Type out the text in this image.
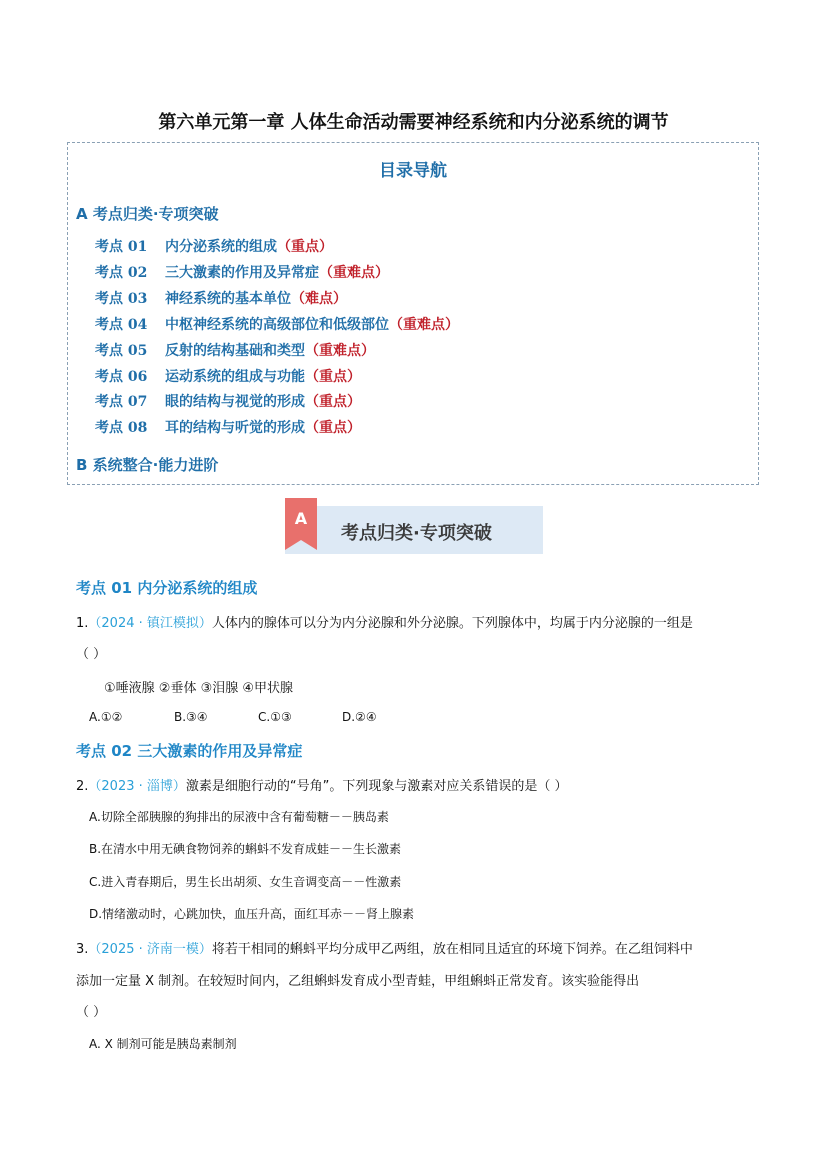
第六单元第一章 人体生命活动需要神经系统和内分泌系统的调节
目录导航
A 考点归类·专项突破
考点 01 内分泌系统的组成（重点）
考点 02 三大激素的作用及异常症（重难点）
考点 03 神经系统的基本单位（难点）
考点 04 中枢神经系统的高级部位和低级部位（重难点）
考点 05 反射的结构基础和类型（重难点）
考点 06 运动系统的组成与功能（重点）
考点 07 眼的结构与视觉的形成（重点）
考点 08 耳的结构与听觉的形成（重点）
B 系统整合·能力进阶
A
考点归类·专项突破
考点 01 内分泌系统的组成
1.（2024 · 镇江模拟）人体内的腺体可以分为内分泌腺和外分泌腺。下列腺体中，均属于内分泌腺的一组是
（ ）
①唾液腺 ②垂体 ③泪腺 ④甲状腺
A.①②	B.③④	C.①③	D.②④
考点 02 三大激素的作用及异常症
2.（2023 · 淄博）激素是细胞行动的“号角”。下列现象与激素对应关系错误的是（ ）
A.切除全部胰腺的狗排出的尿液中含有葡萄糖－－胰岛素
B.在清水中用无碘食物饲养的蝌蚪不发育成蛙－－生长激素
C.进入青春期后，男生长出胡须、女生音调变高－－性激素
D.情绪激动时，心跳加快，血压升高，面红耳赤－－肾上腺素
3.（2025 · 济南一模）将若干相同的蝌蚪平均分成甲乙两组，放在相同且适宜的环境下饲养。在乙组饲料中
添加一定量 X 制剂。在较短时间内，乙组蝌蚪发育成小型青蛙，甲组蝌蚪正常发育。该实验能得出
（ ）
A. X 制剂可能是胰岛素制剂
